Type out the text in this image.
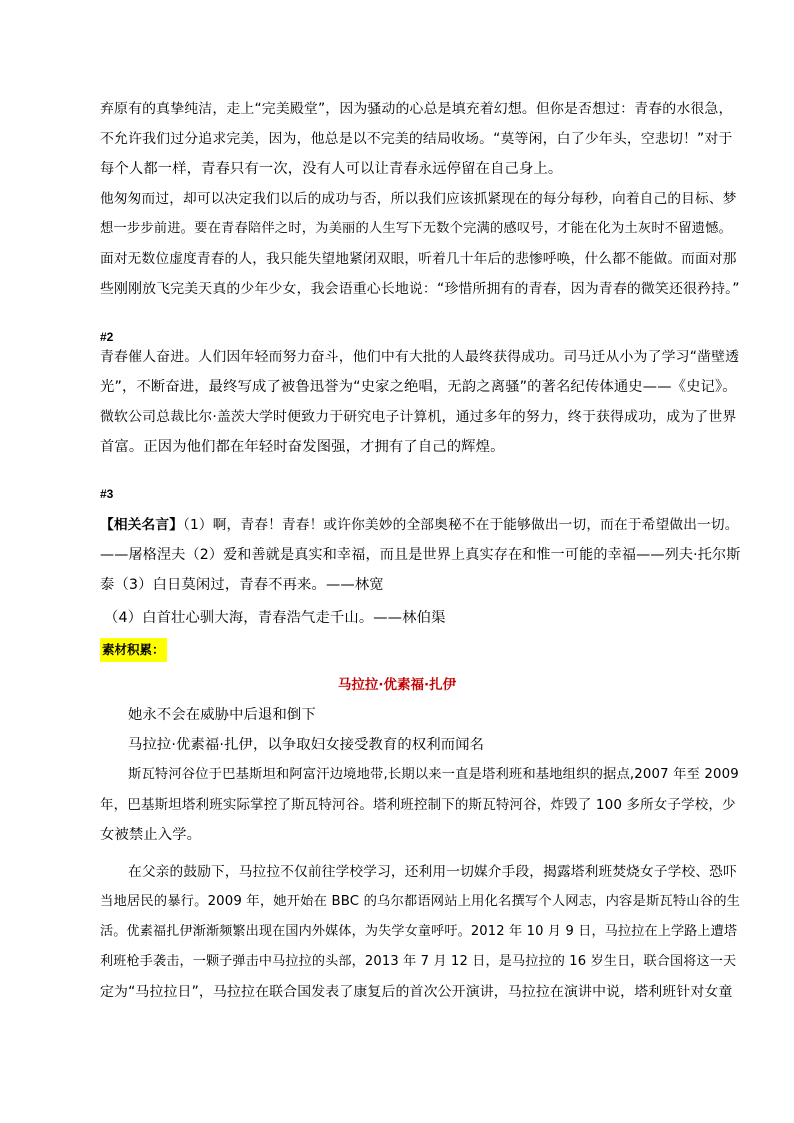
弃原有的真挚纯洁，走上“完美殿堂”，因为骚动的心总是填充着幻想。但你是否想过：青春的水很急，
不允许我们过分追求完美，因为，他总是以不完美的结局收场。“莫等闲，白了少年头，空悲切！”对于
每个人都一样，青春只有一次，没有人可以让青春永远停留在自己身上。
他匆匆而过，却可以决定我们以后的成功与否，所以我们应该抓紧现在的每分每秒，向着自己的目标、梦
想一步步前进。要在青春陪伴之时，为美丽的人生写下无数个完满的感叹号，才能在化为土灰时不留遗憾。
面对无数位虚度青春的人，我只能失望地紧闭双眼，听着几十年后的悲惨呼唤，什么都不能做。而面对那
些刚刚放飞完美天真的少年少女，我会语重心长地说：“珍惜所拥有的青春，因为青春的微笑还很矜持。”
#2
青春催人奋进。人们因年轻而努力奋斗，他们中有大批的人最终获得成功。司马迁从小为了学习“凿壁透
光”，不断奋进，最终写成了被鲁迅誉为“史家之绝唱，无韵之离骚”的著名纪传体通史——《史记》。
微软公司总裁比尔·盖茨大学时便致力于研究电子计算机，通过多年的努力，终于获得成功，成为了世界
首富。正因为他们都在年轻时奋发图强，才拥有了自己的辉煌。
#3
【相关名言】（1）啊，青春！青春！或许你美妙的全部奥秘不在于能够做出一切，而在于希望做出一切。
——屠格涅夫（2）爱和善就是真实和幸福，而且是世界上真实存在和惟一可能的幸福——列夫·托尔斯
泰（3）白日莫闲过，青春不再来。——林宽
（4）白首壮心驯大海，青春浩气走千山。——林伯渠
素材积累：
马拉拉·优素福·扎伊
她永不会在威胁中后退和倒下
马拉拉·优素福·扎伊，以争取妇女接受教育的权利而闻名
斯瓦特河谷位于巴基斯坦和阿富汗边境地带,长期以来一直是塔利班和基地组织的据点,2007 年至 2009
年，巴基斯坦塔利班实际掌控了斯瓦特河谷。塔利班控制下的斯瓦特河谷，炸毁了 100 多所女子学校，少
女被禁止入学。
在父亲的鼓励下，马拉拉不仅前往学校学习，还利用一切媒介手段，揭露塔利班焚烧女子学校、恐吓
当地居民的暴行。2009 年，她开始在 BBC 的乌尔都语网站上用化名撰写个人网志，内容是斯瓦特山谷的生
活。优素福扎伊渐渐频繁出现在国内外媒体，为失学女童呼吁。2012 年 10 月 9 日，马拉拉在上学路上遭塔
利班枪手袭击，一颗子弹击中马拉拉的头部，2013 年 7 月 12 日，是马拉拉的 16 岁生日，联合国将这一天
定为“马拉拉日”，马拉拉在联合国发表了康复后的首次公开演讲，马拉拉在演讲中说，塔利班针对女童
